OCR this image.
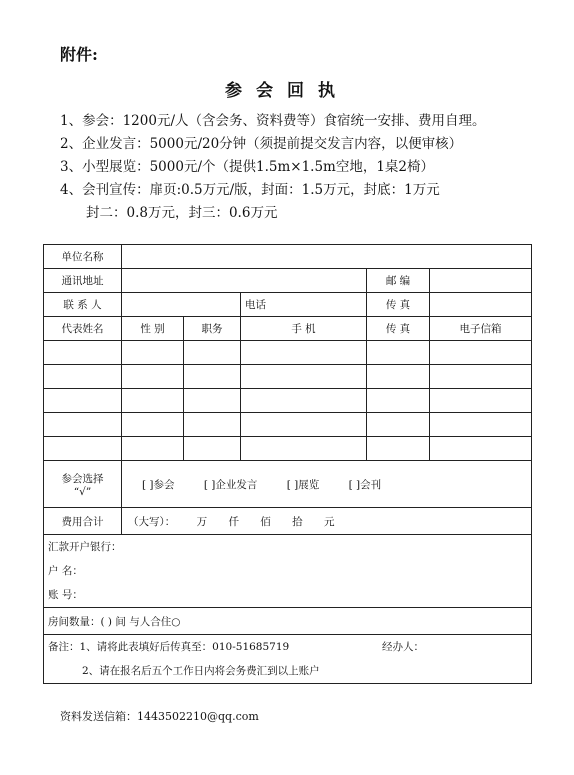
附件:
参会回执
1、参会：1200元/人（含会务、资料费等）食宿统一安排、费用自理。
2、企业发言：5000元/20分钟（须提前提交发言内容，以便审核）
3、小型展览：5000元/个（提供1.5m×1.5m空地，1桌2椅）
4、会刊宣传：扉页:0.5万元/版，封面：1.5万元，封底：1万元
封二：0.8万元，封三：0.6万元
单位名称					
通讯地址				邮 编	
联 系 人			电话	传 真	
代表姓名	性 别	职务	手 机	传 真	电子信箱

参会选择
“√”	[ ]参会 [ ]企业发言 [ ]展览 [ ]会刊				
费用合计	（大写）： 万 仟 佰 拾 元				

汇款开户银行：
户 名：
账 号：					

房间数量：( ) 间 与人合住○					

备注：1、请将此表填好后传真至：010-51685719 经办人：
2、请在报名后五个工作日内将会务费汇到以上账户					
资料发送信箱：1443502210@qq.com
